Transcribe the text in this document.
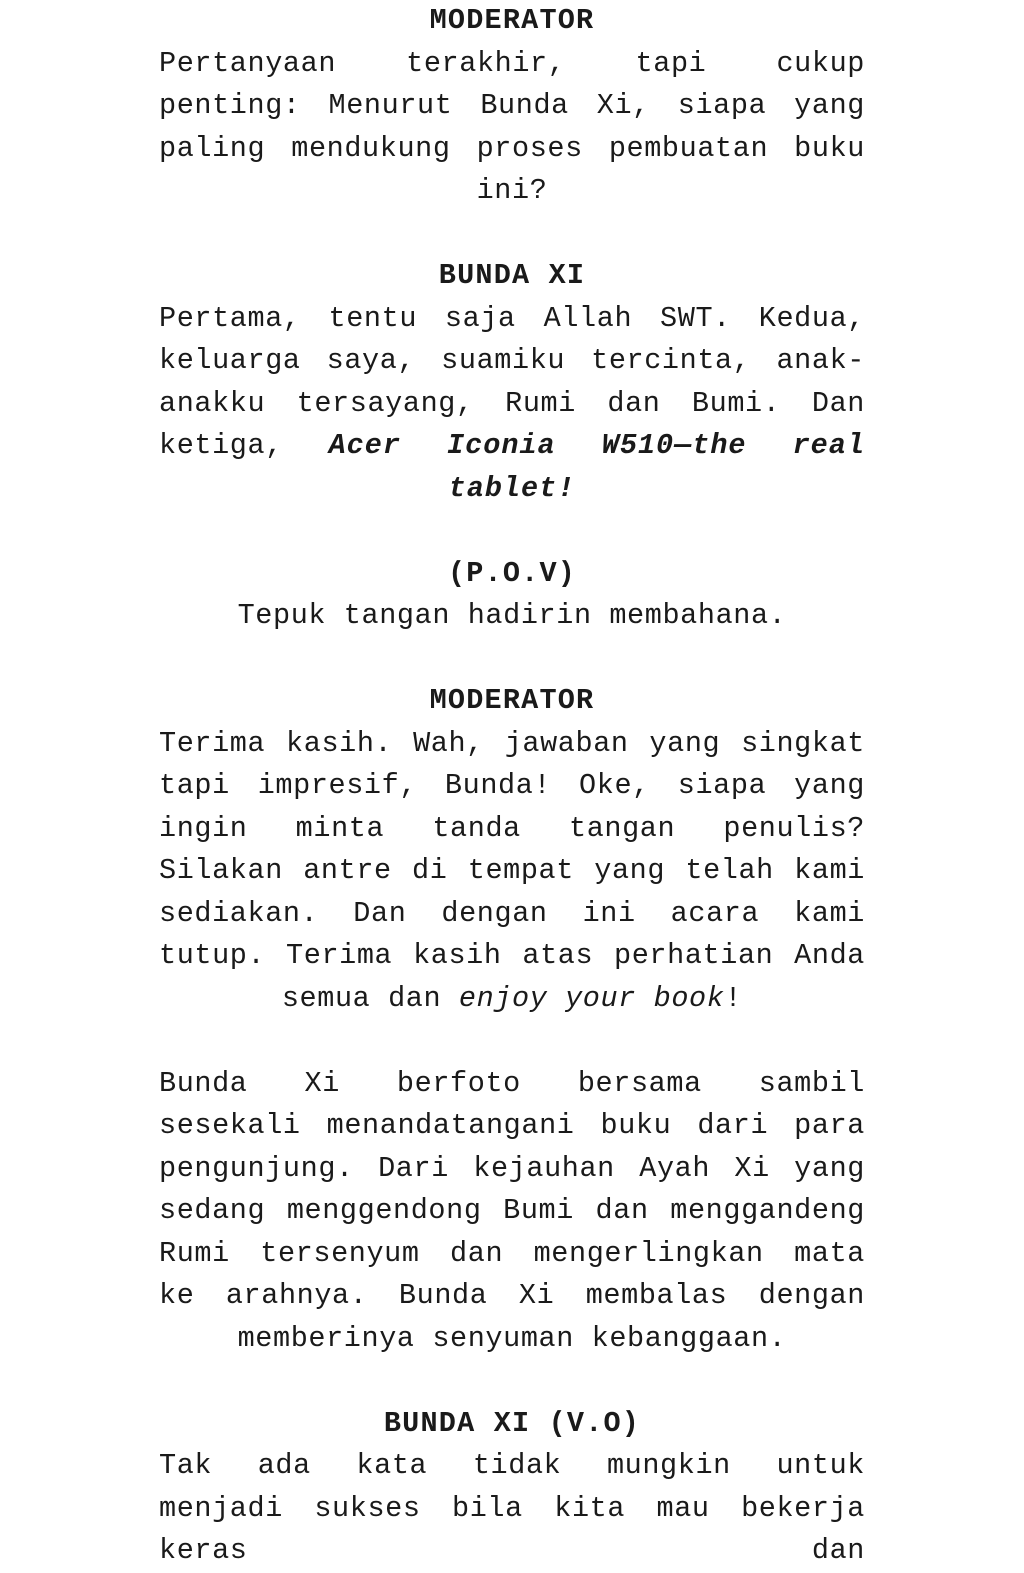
MODERATOR

Pertanyaan terakhir, tapi cukup penting: Menurut Bunda Xi, siapa yang paling mendukung proses pembuatan buku ini?

BUNDA XI

Pertama, tentu saja Allah SWT. Kedua, keluarga saya, suamiku tercinta, anak-anakku tersayang, Rumi dan Bumi. Dan ketiga, Acer Iconia W510—the real tablet!

(P.O.V)

Tepuk tangan hadirin membahana.

MODERATOR

Terima kasih. Wah, jawaban yang singkat tapi impresif, Bunda! Oke, siapa yang ingin minta tanda tangan penulis? Silakan antre di tempat yang telah kami sediakan. Dan dengan ini acara kami tutup. Terima kasih atas perhatian Anda semua dan enjoy your book!

Bunda Xi berfoto bersama sambil sesekali menandatangani buku dari para pengunjung. Dari kejauhan Ayah Xi yang sedang menggendong Bumi dan menggandeng Rumi tersenyum dan mengerlingkan mata ke arahnya. Bunda Xi membalas dengan memberinya senyuman kebanggaan.

BUNDA XI (V.O)

Tak ada kata tidak mungkin untuk menjadi sukses bila kita mau bekerja keras dan
